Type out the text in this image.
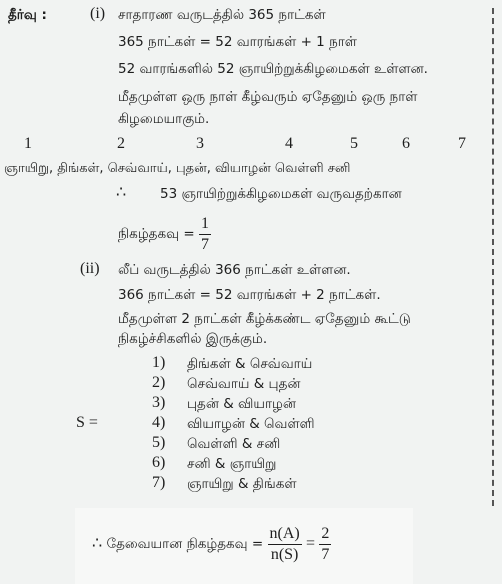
தீர்வு :	(i) சாதாரண வருடத்தில் 365 நாட்கள்
365 நாட்கள் = 52 வாரங்கள் + 1 நாள்
52 வாரங்களில் 52 ஞாயிற்றுக்கிழமைகள் உள்ளன.
மீதமுள்ள ஒரு நாள் கீழ்வரும் ஏதேனும் ஒரு நாள்
கிழமையாகும்.
1	2	3	4	5	6	7
ஞாயிறு, திங்கள், செவ்வாய், புதன், வியாழன் வெள்ளி சனி
∴	53 ஞாயிற்றுக்கிழமைகள் வருவதற்கான
நிகழ்தகவு = $\frac{1}{7}$
(ii) லீப் வருடத்தில் 366 நாட்கள் உள்ளன.
366 நாட்கள் = 52 வாரங்கள் + 2 நாட்கள்.
மீதமுள்ள 2 நாட்கள் கீழ்க்கண்ட ஏதேனும் கூட்டு
நிகழ்ச்சிகளில் இருக்கும்.
S =
1) திங்கள் & செவ்வாய்
2) செவ்வாய் & புதன்
3) புதன் & வியாழன்
4) வியாழன் & வெள்ளி
5) வெள்ளி & சனி
6) சனி & ஞாயிறு
7) ஞாயிறு & திங்கள்
∴ தேவையான நிகழ்தகவு = $\frac{n(A)}{n(S)} = \frac{2}{7}$
